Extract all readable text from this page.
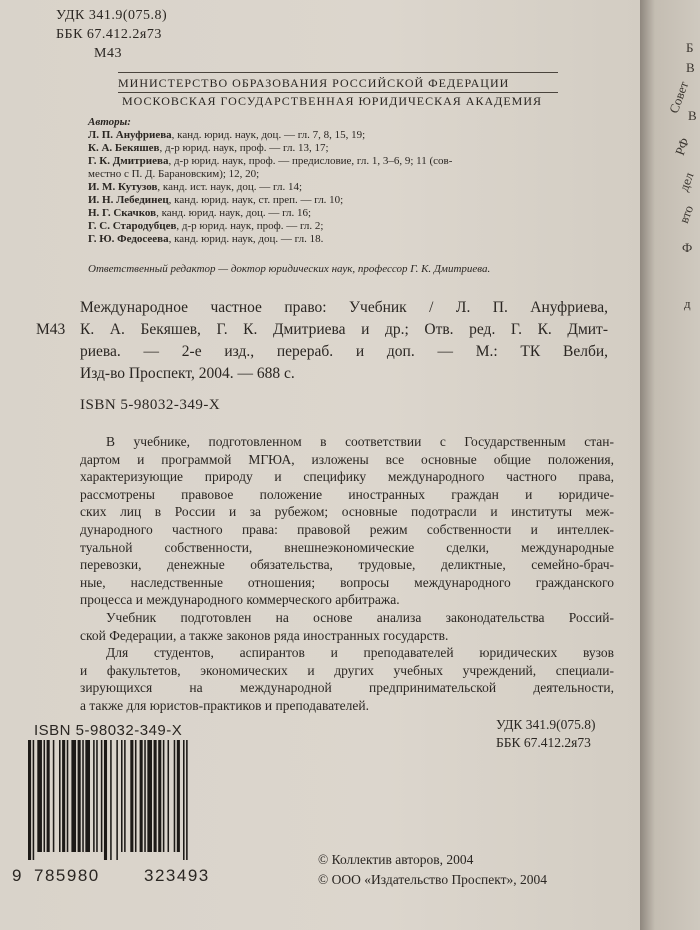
УДК 341.9(075.8)
ББК 67.412.2я73
М43
МИНИСТЕРСТВО ОБРАЗОВАНИЯ РОССИЙСКОЙ ФЕДЕРАЦИИ
МОСКОВСКАЯ ГОСУДАРСТВЕННАЯ ЮРИДИЧЕСКАЯ АКАДЕМИЯ
Авторы:
Л. П. Ануфриева, канд. юрид. наук, доц. — гл. 7, 8, 15, 19;
К. А. Бекяшев, д-р юрид. наук, проф. — гл. 13, 17;
Г. К. Дмитриева, д-р юрид. наук, проф. — предисловие, гл. 1, 3–6, 9; 11 (сов-
местно с П. Д. Барановским); 12, 20;
И. М. Кутузов, канд. ист. наук, доц. — гл. 14;
И. Н. Лебединец, канд. юрид. наук, ст. преп. — гл. 10;
Н. Г. Скачков, канд. юрид. наук, доц. — гл. 16;
Г. С. Стародубцев, д-р юрид. наук, проф. — гл. 2;
Г. Ю. Федосеева, канд. юрид. наук, доц. — гл. 18.
Ответственный редактор — доктор юридических наук, профессор Г. К. Дмитриева.
М43
Международное частное право: Учебник / Л. П. Ануфриева,
К. А. Бекяшев, Г. К. Дмитриева и др.; Отв. ред. Г. К. Дмит-
риева. — 2-е изд., перераб. и доп. — М.: ТК Велби,
Изд-во Проспект, 2004. — 688 с.
ISBN 5-98032-349-X
В учебнике, подготовленном в соответствии с Государственным стан-
дартом и программой МГЮА, изложены все основные общие положения,
характеризующие природу и специфику международного частного права,
рассмотрены правовое положение иностранных граждан и юридиче-
ских лиц в России и за рубежом; основные подотрасли и институты меж-
дународного частного права: правовой режим собственности и интеллек-
туальной собственности, внешнеэкономические сделки, международные
перевозки, денежные обязательства, трудовые, деликтные, семейно-брач-
ные, наследственные отношения; вопросы международного гражданского
процесса и международного коммерческого арбитража.
Учебник подготовлен на основе анализа законодательства Россий-
ской Федерации, а также законов ряда иностранных государств.
Для студентов, аспирантов и преподавателей юридических вузов
и факультетов, экономических и других учебных учреждений, специали-
зирующихся на международной предпринимательской деятельности,
а также для юристов-практиков и преподавателей.
ISBN 5-98032-349-X
9 785980	323493
УДК 341.9(075.8)
ББК 67.412.2я73
© Коллектив авторов, 2004
© ООО «Издательство Проспект», 2004
Б
В
Совет
В
РФ
дел
вто
Ф
д
